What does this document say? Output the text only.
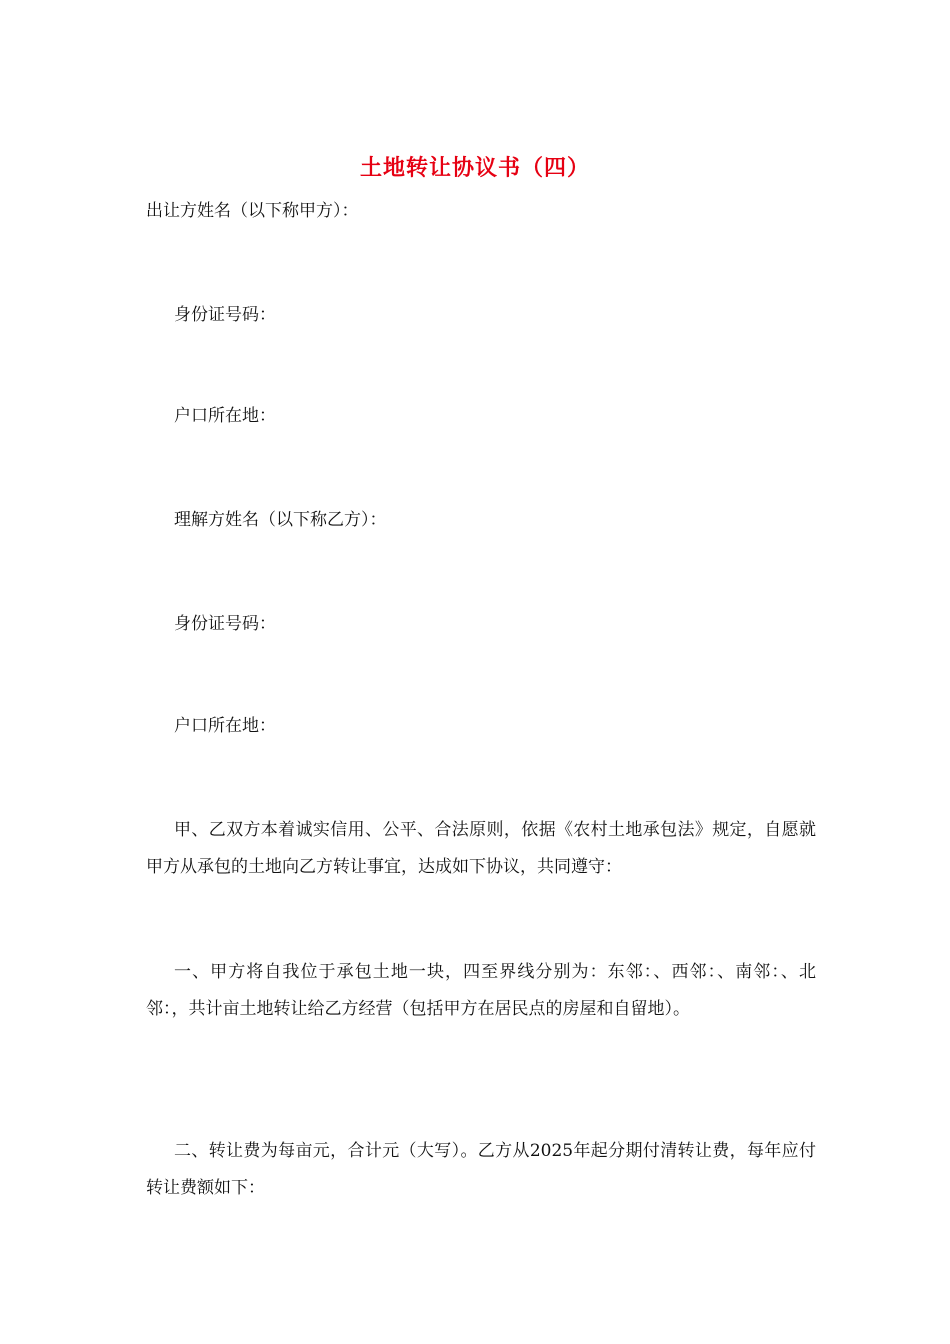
土地转让协议书（四）
出让方姓名（以下称甲方）：
身份证号码：
户口所在地：
理解方姓名（以下称乙方）：
身份证号码：
户口所在地：
甲、乙双方本着诚实信用、公平、合法原则，依据《农村土地承包法》规定，自愿就甲方从承包的土地向乙方转让事宜，达成如下协议，共同遵守：
一、甲方将自我位于承包土地一块，四至界线分别为：东邻：、西邻：、南邻：、北邻：，共计亩土地转让给乙方经营（包括甲方在居民点的房屋和自留地）。
二、转让费为每亩元，合计元（大写）。乙方从2025年起分期付清转让费，每年应付转让费额如下：
